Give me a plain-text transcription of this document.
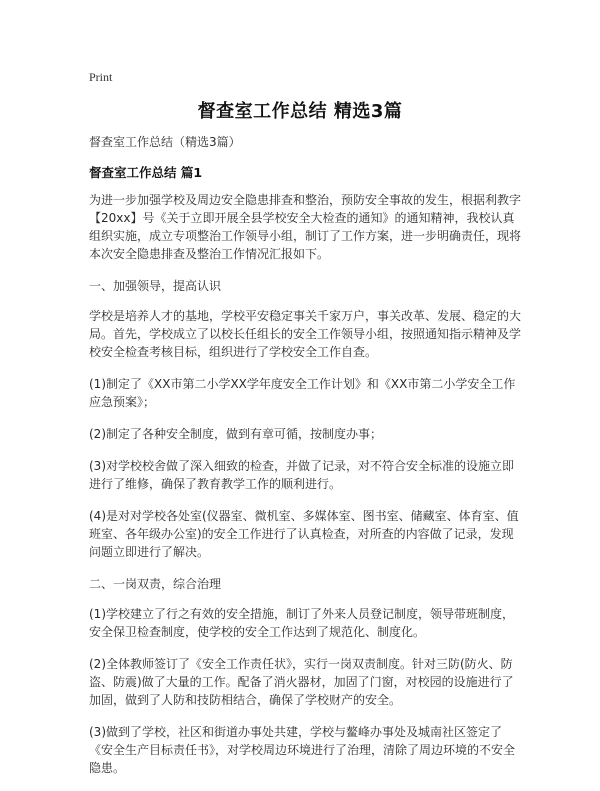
Print
督查室工作总结 精选3篇

督查室工作总结（精选3篇）

督查室工作总结 篇1

为进一步加强学校及周边安全隐患排查和整治，预防安全事故的发生，根据利教字【20xx】号《关于立即开展全县学校安全大检查的通知》的通知精神，我校认真组织实施，成立专项整治工作领导小组，制订了工作方案，进一步明确责任，现将本次安全隐患排查及整治工作情况汇报如下。

一、加强领导，提高认识

学校是培养人才的基地，学校平安稳定事关千家万户，事关改革、发展、稳定的大局。首先，学校成立了以校长任组长的安全工作领导小组，按照通知指示精神及学校安全检查考核目标，组织进行了学校安全工作自查。

(1)制定了《XX市第二小学XX学年度安全工作计划》和《XX市第二小学安全工作应急预案》；

(2)制定了各种安全制度，做到有章可循，按制度办事；

(3)对学校校舍做了深入细致的检查，并做了记录，对不符合安全标准的设施立即进行了维修，确保了教育教学工作的顺利进行。

(4)是对对学校各处室(仪器室、微机室、多媒体室、图书室、储藏室、体育室、值班室、各年级办公室)的安全工作进行了认真检查，对所查的内容做了记录，发现问题立即进行了解决。

二、一岗双责，综合治理

(1)学校建立了行之有效的安全措施，制订了外来人员登记制度，领导带班制度，安全保卫检查制度，使学校的安全工作达到了规范化、制度化。

(2)全体教师签订了《安全工作责任状》，实行一岗双责制度。针对三防(防火、防盗、防震)做了大量的工作。配备了消火器材，加固了门窗，对校园的设施进行了加固，做到了人防和技防相结合，确保了学校财产的安全。

(3)做到了学校，社区和街道办事处共建，学校与鳌峰办事处及城南社区签定了《安全生产目标责任书》，对学校周边环境进行了治理，清除了周边环境的不安全隐患。
